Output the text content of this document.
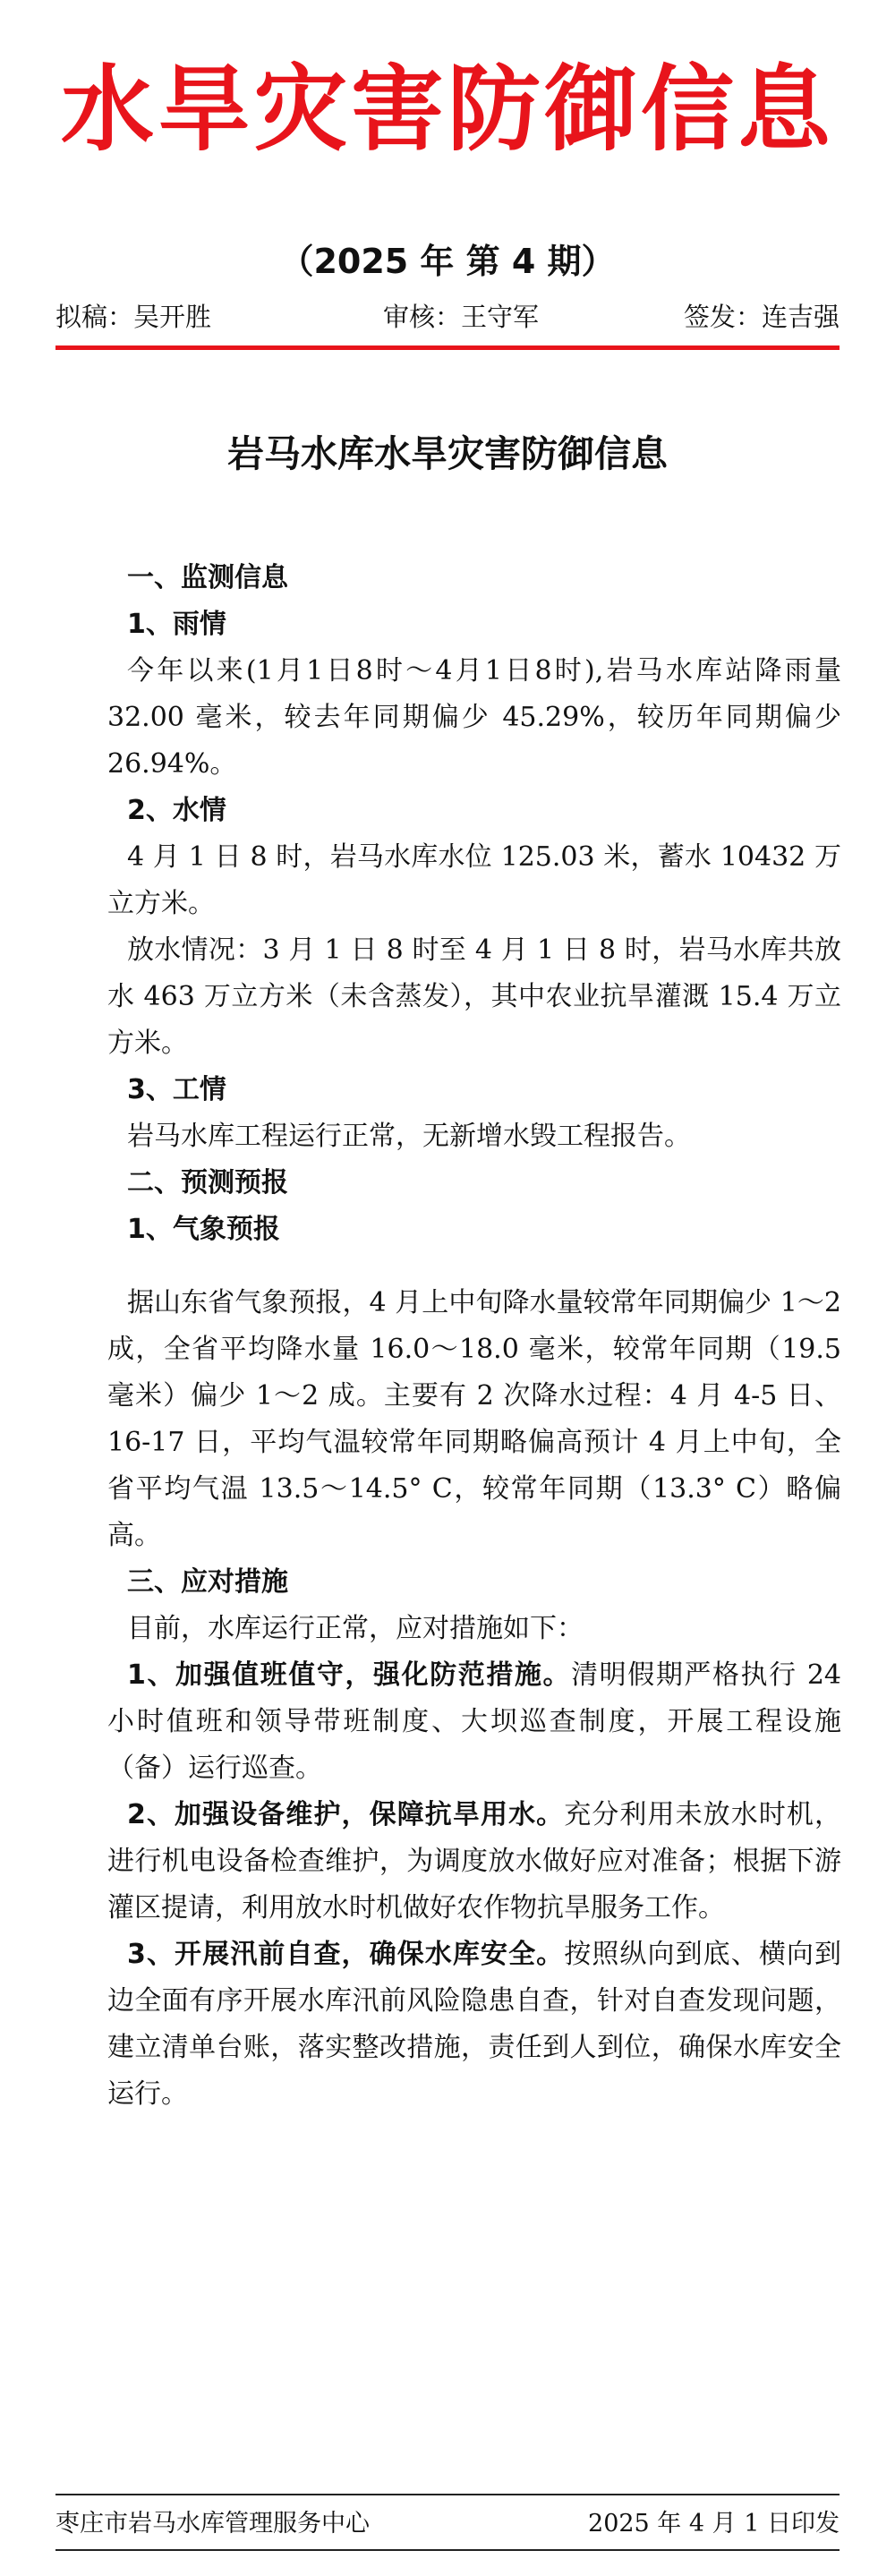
水旱灾害防御信息
（2025 年 第 4 期）
拟稿：吴开胜	审核：王守军	签发：连吉强
岩马水库水旱灾害防御信息

一、监测信息

1、雨情

今年以来(1月1日8时～4月1日8时),岩马水库站降雨量 32.00 毫米，较去年同期偏少 45.29%，较历年同期偏少 26.94%。

2、水情

4 月 1 日 8 时，岩马水库水位 125.03 米，蓄水 10432 万立方米。

放水情况：3 月 1 日 8 时至 4 月 1 日 8 时，岩马水库共放水 463 万立方米（未含蒸发），其中农业抗旱灌溉 15.4 万立方米。

3、工情

岩马水库工程运行正常，无新增水毁工程报告。

二、预测预报

1、气象预报

据山东省气象预报，4 月上中旬降水量较常年同期偏少 1～2 成，全省平均降水量 16.0～18.0 毫米，较常年同期（19.5 毫米）偏少 1～2 成。主要有 2 次降水过程：4 月 4-5 日、16-17 日，平均气温较常年同期略偏高预计 4 月上中旬，全省平均气温 13.5～14.5° C，较常年同期（13.3° C）略偏高。

三、应对措施

目前，水库运行正常，应对措施如下：

1、加强值班值守，强化防范措施。清明假期严格执行 24 小时值班和领导带班制度、大坝巡查制度，开展工程设施（备）运行巡查。

2、加强设备维护，保障抗旱用水。充分利用未放水时机，进行机电设备检查维护，为调度放水做好应对准备；根据下游灌区提请，利用放水时机做好农作物抗旱服务工作。

3、开展汛前自查，确保水库安全。按照纵向到底、横向到边全面有序开展水库汛前风险隐患自查，针对自查发现问题，建立清单台账，落实整改措施，责任到人到位，确保水库安全运行。

枣庄市岩马水库管理服务中心	2025 年 4 月 1 日印发
